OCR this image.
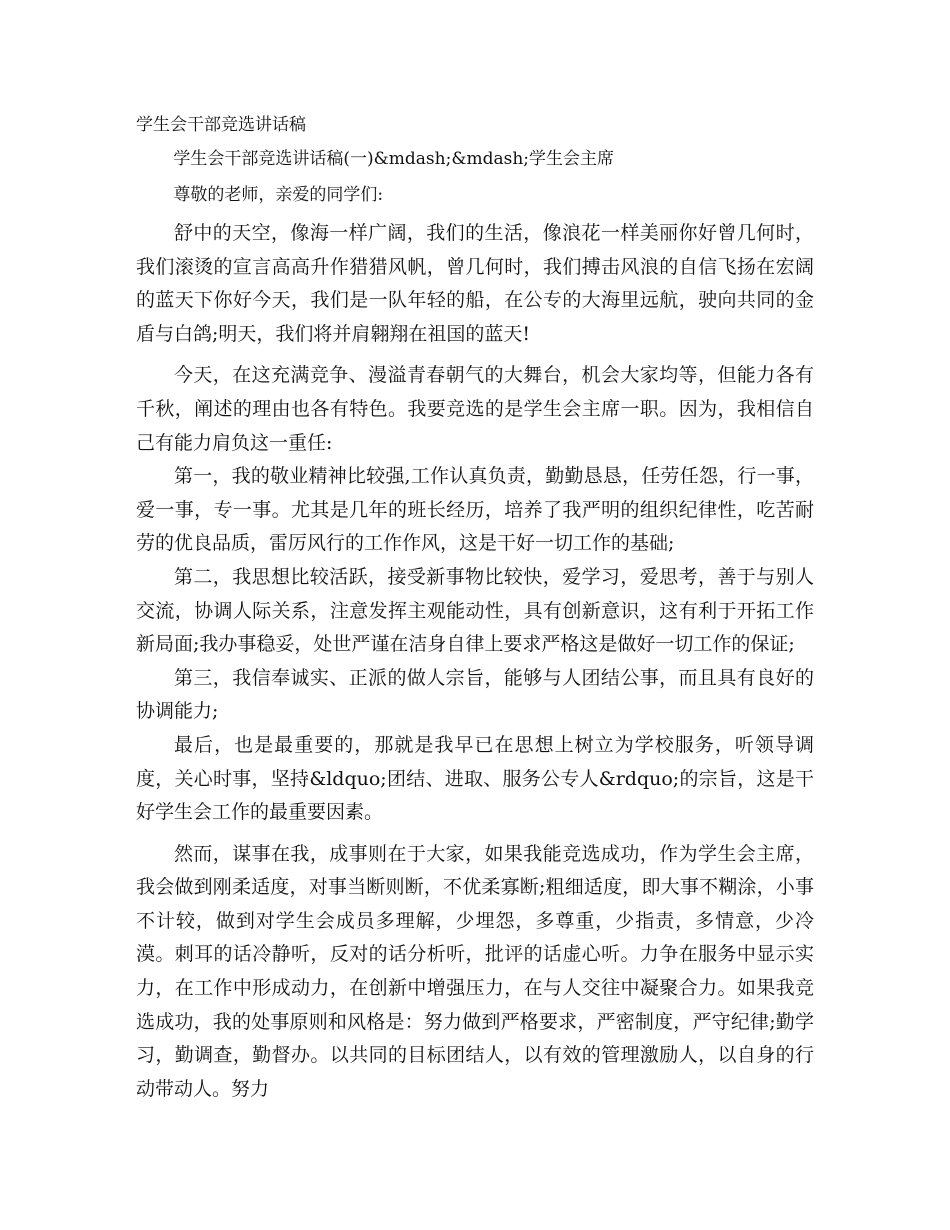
学生会干部竞选讲话稿
学生会干部竞选讲话稿(一)&mdash;&mdash;学生会主席
尊敬的老师，亲爱的同学们:

舒中的天空，像海一样广阔，我们的生活，像浪花一样美丽你好曾几何时，我们滚烫的宣言高高升作猎猎风帆，曾几何时，我们搏击风浪的自信飞扬在宏阔的蓝天下你好今天，我们是一队年轻的船，在公专的大海里远航，驶向共同的金盾与白鸽;明天，我们将并肩翱翔在祖国的蓝天!

今天，在这充满竞争、漫溢青春朝气的大舞台，机会大家均等，但能力各有千秋，阐述的理由也各有特色。我要竞选的是学生会主席一职。因为，我相信自己有能力肩负这一重任:

第一，我的敬业精神比较强,工作认真负责，勤勤恳恳，任劳任怨，行一事，爱一事，专一事。尤其是几年的班长经历，培养了我严明的组织纪律性，吃苦耐劳的优良品质，雷厉风行的工作作风，这是干好一切工作的基础;

第二，我思想比较活跃，接受新事物比较快，爱学习，爱思考，善于与别人交流，协调人际关系，注意发挥主观能动性，具有创新意识，这有利于开拓工作新局面;我办事稳妥，处世严谨在洁身自律上要求严格这是做好一切工作的保证;

第三，我信奉诚实、正派的做人宗旨，能够与人团结公事，而且具有良好的协调能力;

最后，也是最重要的，那就是我早已在思想上树立为学校服务，听领导调度，关心时事，坚持&ldquo;团结、进取、服务公专人&rdquo;的宗旨，这是干好学生会工作的最重要因素。

然而，谋事在我，成事则在于大家，如果我能竞选成功，作为学生会主席，我会做到刚柔适度，对事当断则断，不优柔寡断;粗细适度，即大事不糊涂，小事不计较，做到对学生会成员多理解，少埋怨，多尊重，少指责，多情意，少冷漠。刺耳的话冷静听，反对的话分析听，批评的话虚心听。力争在服务中显示实力，在工作中形成动力，在创新中增强压力，在与人交往中凝聚合力。如果我竞选成功，我的处事原则和风格是：努力做到严格要求，严密制度，严守纪律;勤学习，勤调查，勤督办。以共同的目标团结人，以有效的管理激励人，以自身的行动带动人。努力
